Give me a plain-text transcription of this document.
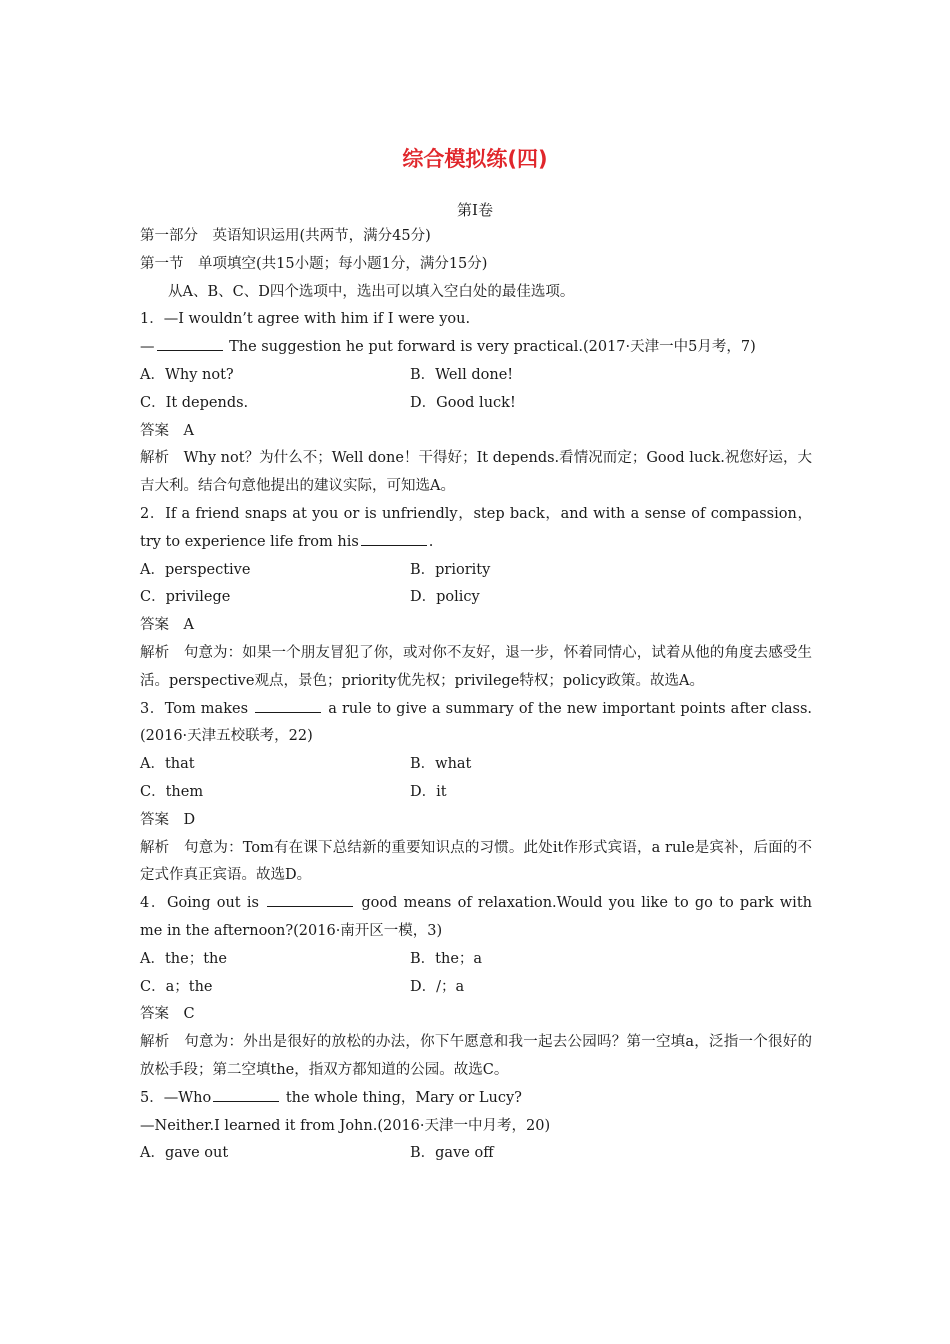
综合模拟练(四)
第Ⅰ卷
第一部分　英语知识运用(共两节，满分45分)
第一节　单项填空(共15小题；每小题1分，满分15分)
从A、B、C、D四个选项中，选出可以填入空白处的最佳选项。
1．—I wouldn’t agree with him if I were you.
—	The suggestion he put forward is very practical.(2017·天津一中5月考，7)
A．Why not?	B．Well done!
C．It depends.	D．Good luck!
答案　A
解析　Why not？为什么不；Well done！干得好；It depends.看情况而定；Good luck.祝您好运，大吉大利。结合句意他提出的建议实际，可知选A。
2．If a friend snaps at you or is unfriendly，step back，and with a sense of compassion，try to experience life from his	.
A．perspective	B．priority
C．privilege	D．policy
答案　A
解析　句意为：如果一个朋友冒犯了你，或对你不友好，退一步，怀着同情心，试着从他的角度去感受生活。perspective观点，景色；priority优先权；privilege特权；policy政策。故选A。
3．Tom makes	a rule to give a summary of the new important points after class.(2016·天津五校联考，22)
A．that	B．what
C．them	D．it
答案　D
解析　句意为：Tom有在课下总结新的重要知识点的习惯。此处it作形式宾语，a rule是宾补，后面的不定式作真正宾语。故选D。
4．Going out is	good means of relaxation.Would you like to go to park with me in the afternoon?(2016·南开区一模，3)
A．the；the	B．the；a
C．a；the	D．/；a
答案　C
解析　句意为：外出是很好的放松的办法，你下午愿意和我一起去公园吗？第一空填a，泛指一个很好的放松手段；第二空填the，指双方都知道的公园。故选C。
5．—Who	the whole thing，Mary or Lucy?
—Neither.I learned it from John.(2016·天津一中月考，20)
A．gave out	B．gave off
